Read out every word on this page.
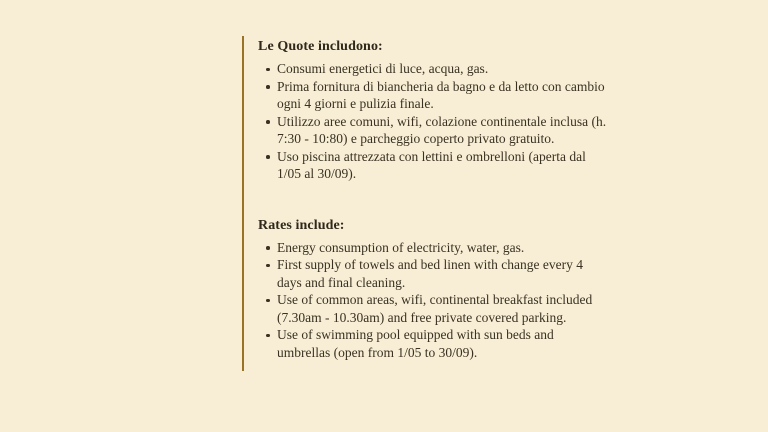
Le Quote includono:
Consumi energetici di luce, acqua, gas.
Prima fornitura di biancheria da bagno e da letto con cambio ogni 4 giorni e pulizia finale.
Utilizzo aree comuni, wifi, colazione continentale inclusa (h. 7:30 - 10:80) e parcheggio coperto privato gratuito.
Uso piscina attrezzata con lettini e ombrelloni (aperta dal 1/05 al 30/09).
Rates include:
Energy consumption of electricity, water, gas.
First supply of towels and bed linen with change every 4 days and final cleaning.
Use of common areas, wifi, continental breakfast included (7.30am - 10.30am) and free private covered parking.
Use of swimming pool equipped with sun beds and umbrellas (open from 1/05 to 30/09).
